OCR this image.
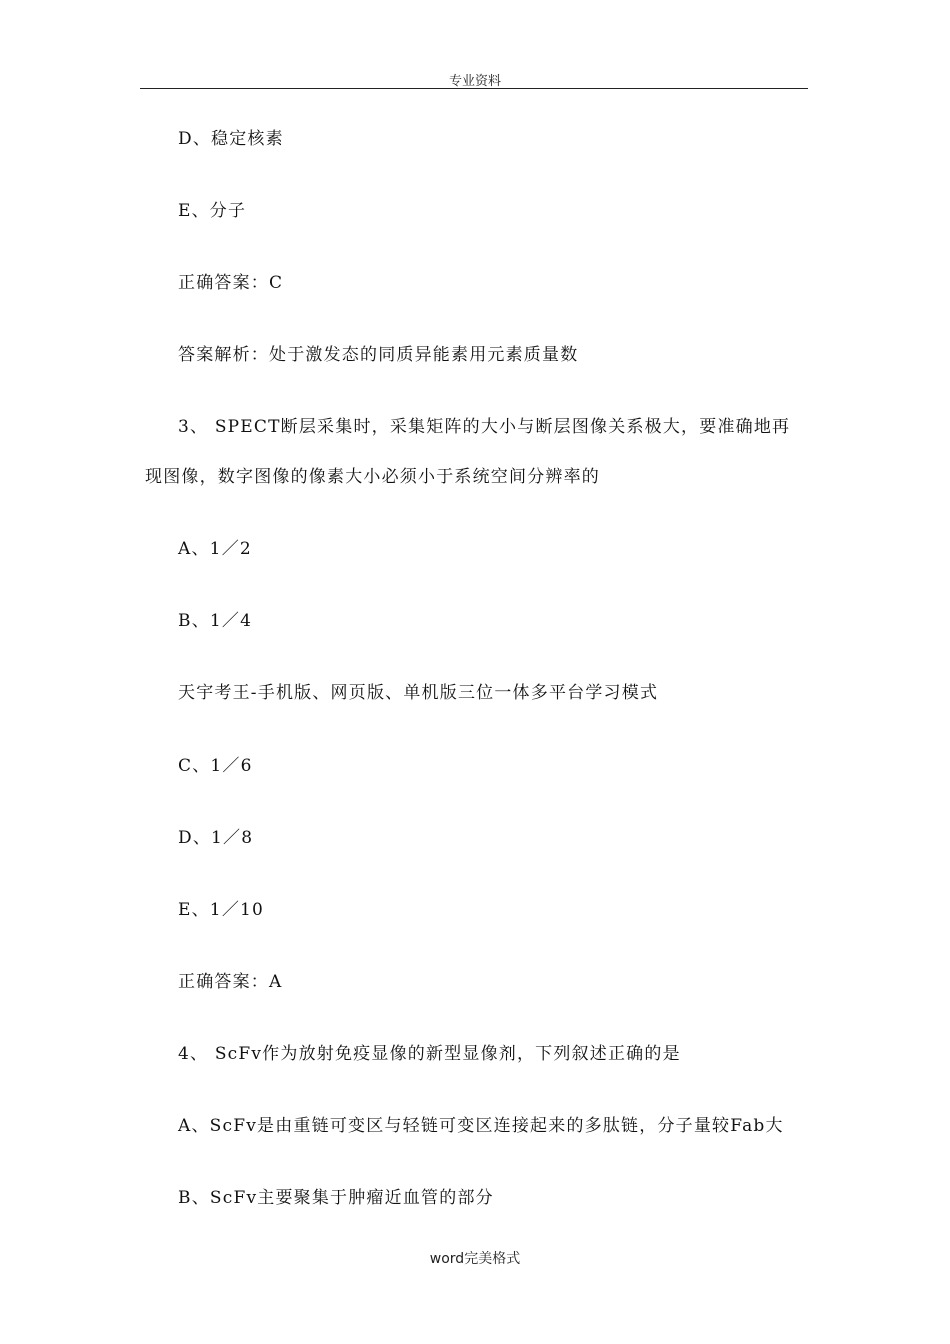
专业资料
D、稳定核素
E、分子
正确答案：C
答案解析：处于激发态的同质异能素用元素质量数
3、 SPECT断层采集时，采集矩阵的大小与断层图像关系极大，要准确地再
现图像，数字图像的像素大小必须小于系统空间分辨率的
A、1／2
B、1／4
天宇考王-手机版、网页版、单机版三位一体多平台学习模式
C、1／6
D、1／8
E、1／10
正确答案：A
4、 ScFv作为放射免疫显像的新型显像剂，下列叙述正确的是
A、ScFv是由重链可变区与轻链可变区连接起来的多肽链，分子量较Fab大
B、ScFv主要聚集于肿瘤近血管的部分
word完美格式
